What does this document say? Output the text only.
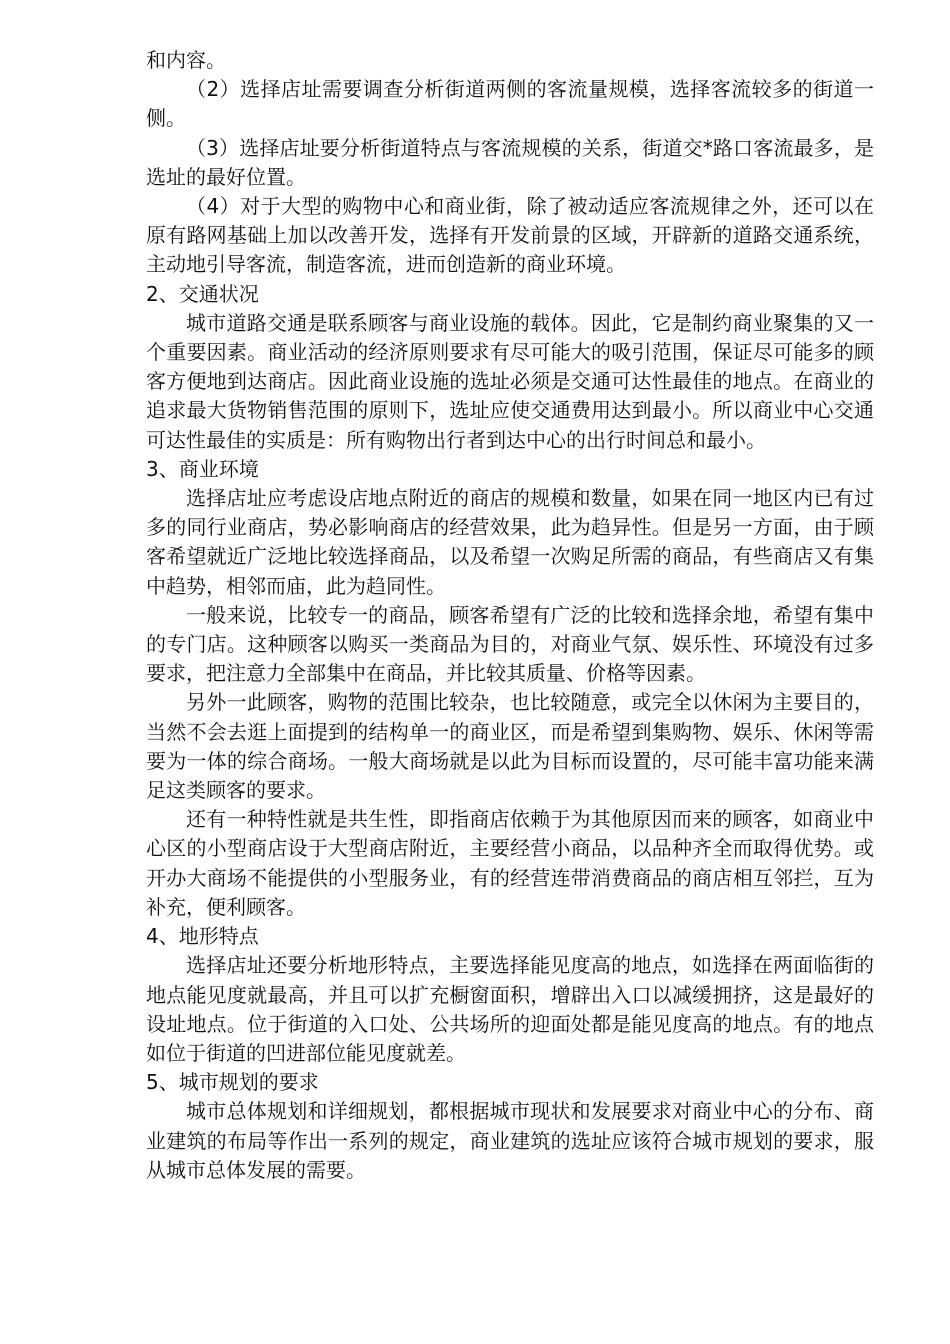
和内容。

（2）选择店址需要调查分析街道两侧的客流量规模，选择客流较多的街道一侧。

（3）选择店址要分析街道特点与客流规模的关系，街道交*路口客流最多，是选址的最好位置。

（4）对于大型的购物中心和商业街，除了被动适应客流规律之外，还可以在原有路网基础上加以改善开发，选择有开发前景的区域，开辟新的道路交通系统，主动地引导客流，制造客流，进而创造新的商业环境。

2、交通状况

城市道路交通是联系顾客与商业设施的载体。因此，它是制约商业聚集的又一个重要因素。商业活动的经济原则要求有尽可能大的吸引范围，保证尽可能多的顾客方便地到达商店。因此商业设施的选址必须是交通可达性最佳的地点。在商业的追求最大货物销售范围的原则下，选址应使交通费用达到最小。所以商业中心交通可达性最佳的实质是：所有购物出行者到达中心的出行时间总和最小。

3、商业环境

选择店址应考虑设店地点附近的商店的规模和数量，如果在同一地区内已有过多的同行业商店，势必影响商店的经营效果，此为趋异性。但是另一方面，由于顾客希望就近广泛地比较选择商品，以及希望一次购足所需的商品，有些商店又有集中趋势，相邻而庙，此为趋同性。

一般来说，比较专一的商品，顾客希望有广泛的比较和选择余地，希望有集中的专门店。这种顾客以购买一类商品为目的，对商业气氛、娱乐性、环境没有过多要求，把注意力全部集中在商品，并比较其质量、价格等因素。

另外一此顾客，购物的范围比较杂，也比较随意，或完全以休闲为主要目的，当然不会去逛上面提到的结构单一的商业区，而是希望到集购物、娱乐、休闲等需要为一体的综合商场。一般大商场就是以此为目标而设置的，尽可能丰富功能来满足这类顾客的要求。

还有一种特性就是共生性，即指商店依赖于为其他原因而来的顾客，如商业中心区的小型商店设于大型商店附近，主要经营小商品，以品种齐全而取得优势。或开办大商场不能提供的小型服务业，有的经营连带消费商品的商店相互邻拦，互为补充，便利顾客。

4、地形特点

选择店址还要分析地形特点，主要选择能见度高的地点，如选择在两面临街的地点能见度就最高，并且可以扩充橱窗面积，增辟出入口以减缓拥挤，这是最好的设址地点。位于街道的入口处、公共场所的迎面处都是能见度高的地点。有的地点如位于街道的凹进部位能见度就差。

5、城市规划的要求

城市总体规划和详细规划，都根据城市现状和发展要求对商业中心的分布、商业建筑的布局等作出一系列的规定，商业建筑的选址应该符合城市规划的要求，服从城市总体发展的需要。
